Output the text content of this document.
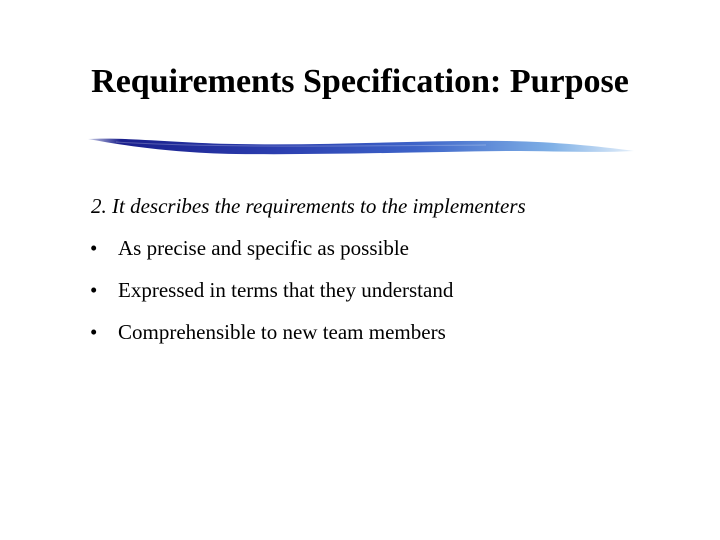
Requirements Specification: Purpose
2. It describes the requirements to the implementers
• As precise and specific as possible
• Expressed in terms that they understand
• Comprehensible to new team members
